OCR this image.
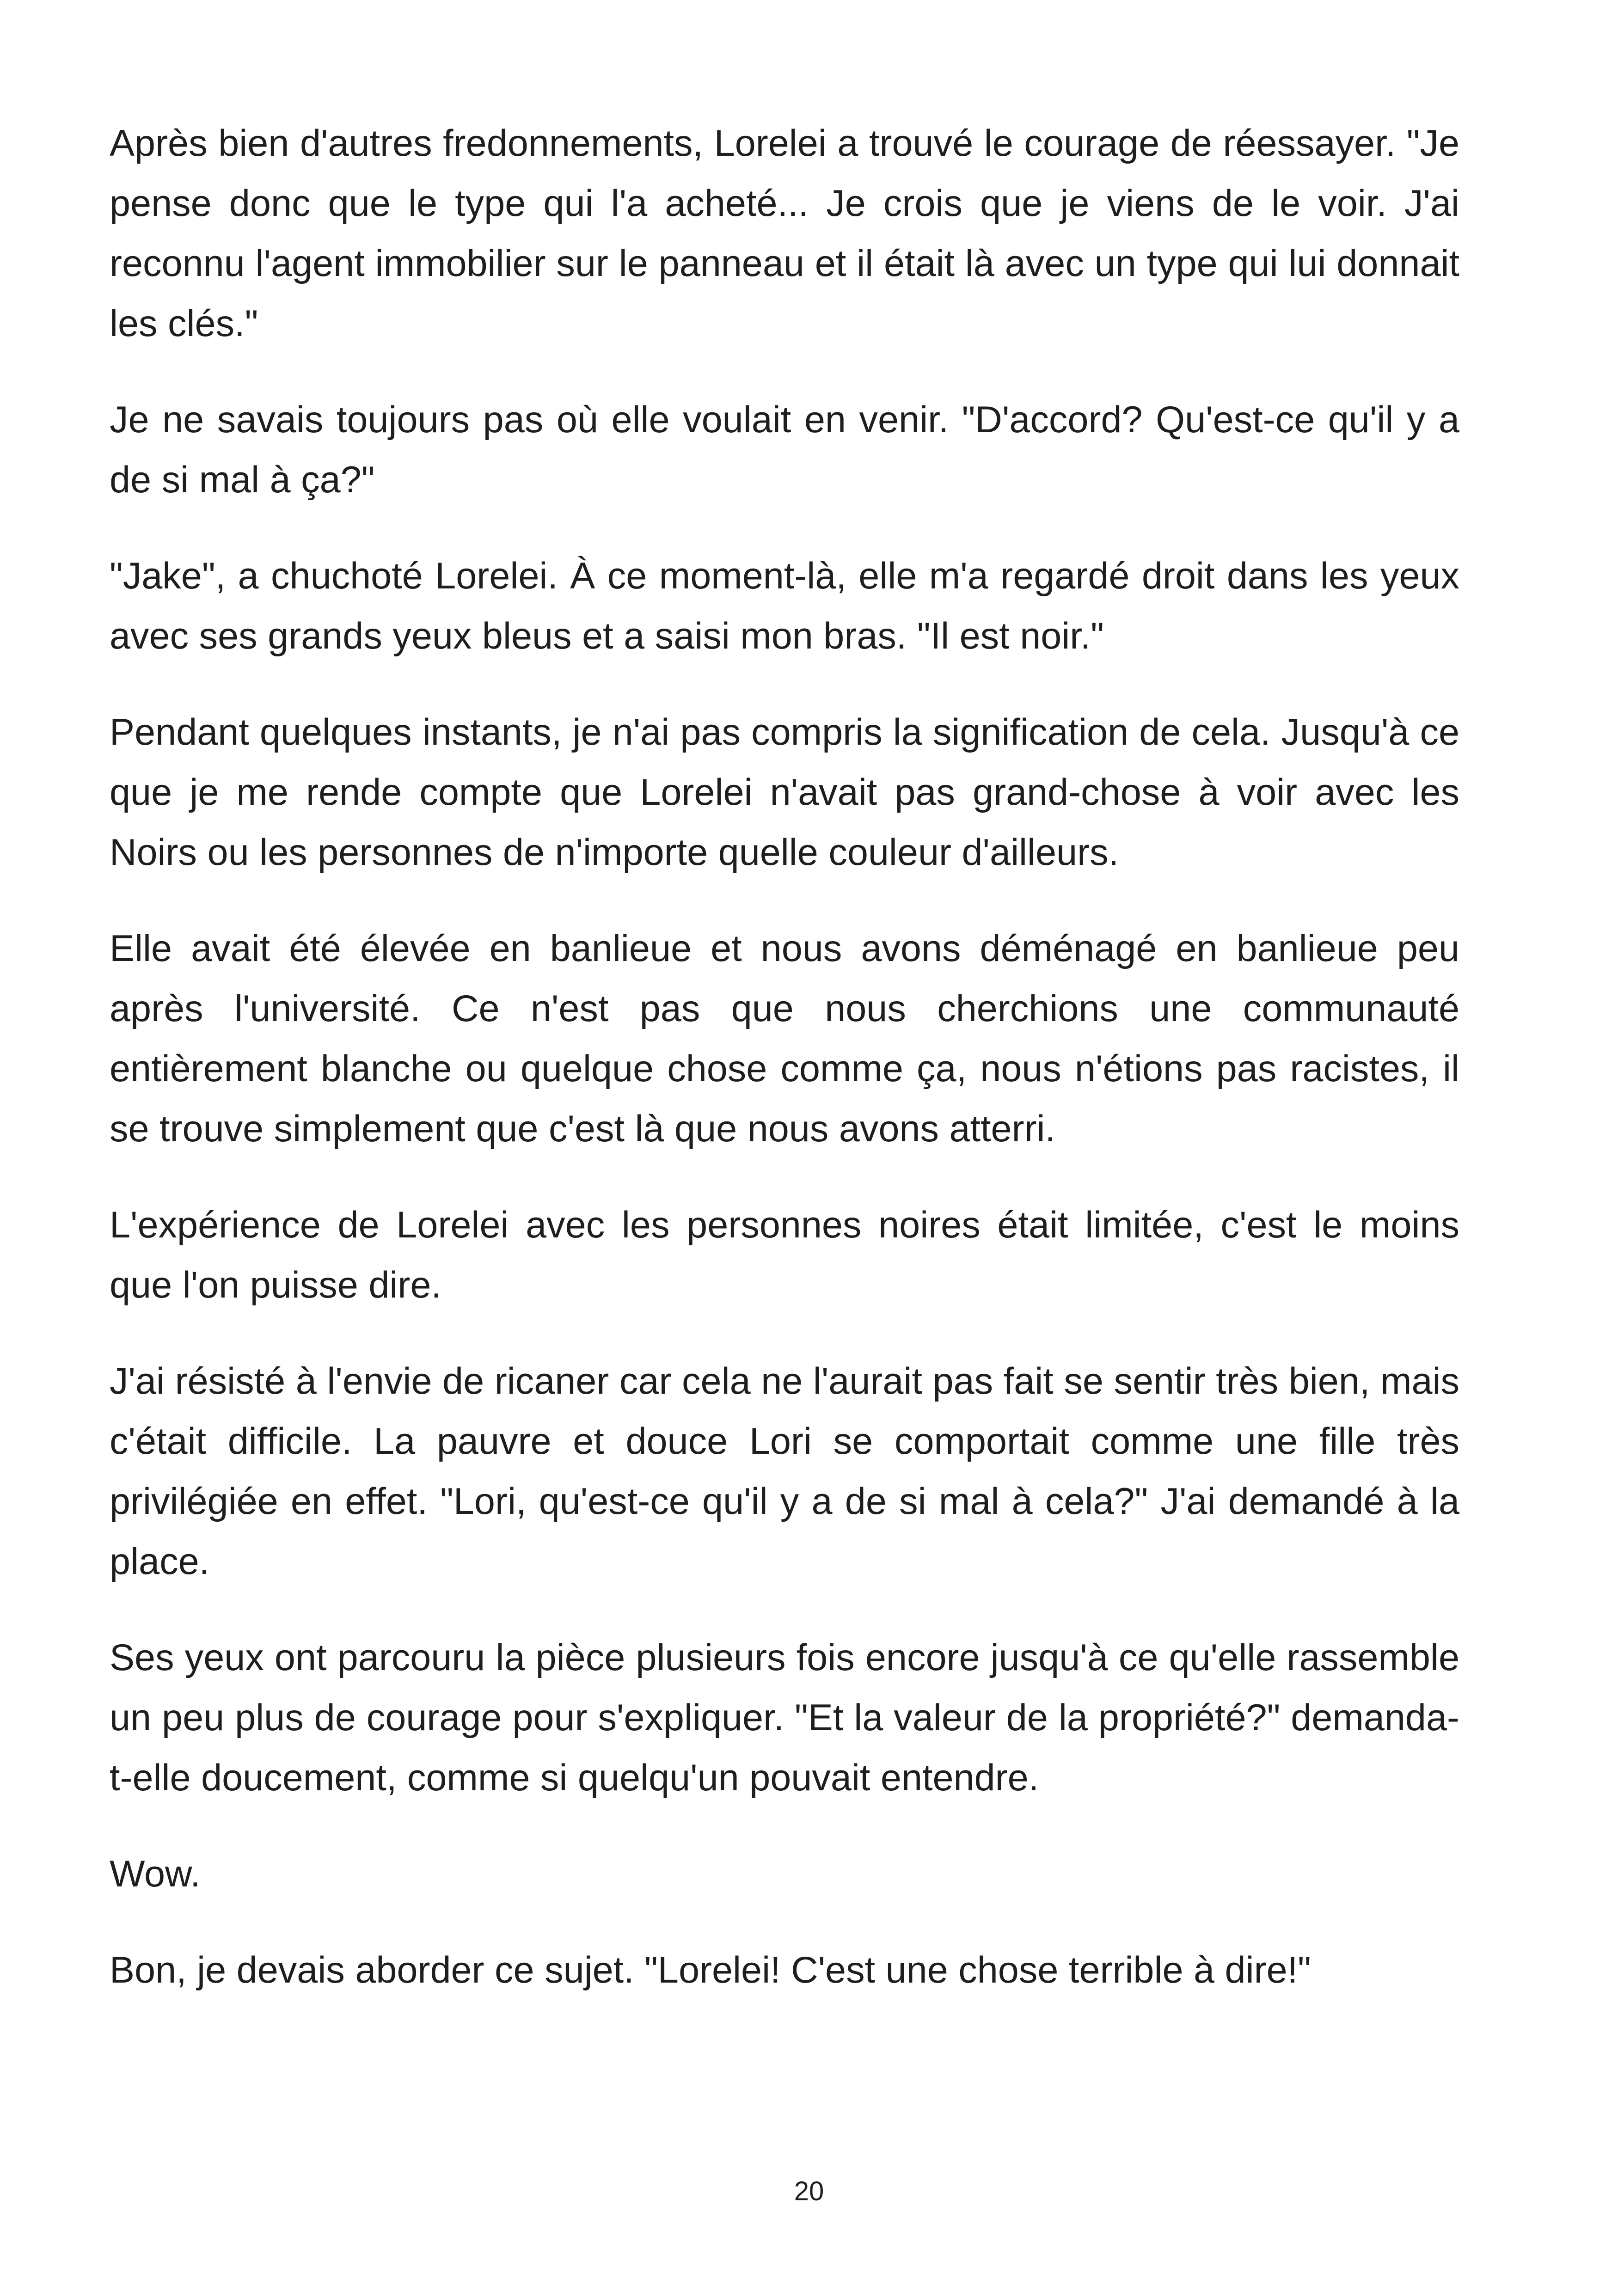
Après bien d'autres fredonnements, Lorelei a trouvé le courage de réessayer. "Je pense donc que le type qui l'a acheté... Je crois que je viens de le voir. J'ai reconnu l'agent immobilier sur le panneau et il était là avec un type qui lui donnait les clés."

Je ne savais toujours pas où elle voulait en venir. "D'accord? Qu'est-ce qu'il y a de si mal à ça?"

"Jake", a chuchoté Lorelei. À ce moment-là, elle m'a regardé droit dans les yeux avec ses grands yeux bleus et a saisi mon bras. "Il est noir."

Pendant quelques instants, je n'ai pas compris la signification de cela. Jusqu'à ce que je me rende compte que Lorelei n'avait pas grand-chose à voir avec les Noirs ou les personnes de n'importe quelle couleur d'ailleurs.

Elle avait été élevée en banlieue et nous avons déménagé en banlieue peu après l'université. Ce n'est pas que nous cherchions une communauté entièrement blanche ou quelque chose comme ça, nous n'étions pas racistes, il se trouve simplement que c'est là que nous avons atterri.

L'expérience de Lorelei avec les personnes noires était limitée, c'est le moins que l'on puisse dire.

J'ai résisté à l'envie de ricaner car cela ne l'aurait pas fait se sentir très bien, mais c'était difficile. La pauvre et douce Lori se comportait comme une fille très privilégiée en effet. "Lori, qu'est-ce qu'il y a de si mal à cela?" J'ai demandé à la place.

Ses yeux ont parcouru la pièce plusieurs fois encore jusqu'à ce qu'elle rassemble un peu plus de courage pour s'expliquer. "Et la valeur de la propriété?" demanda-t-elle doucement, comme si quelqu'un pouvait entendre.

Wow.

Bon, je devais aborder ce sujet. "Lorelei! C'est une chose terrible à dire!"

20
